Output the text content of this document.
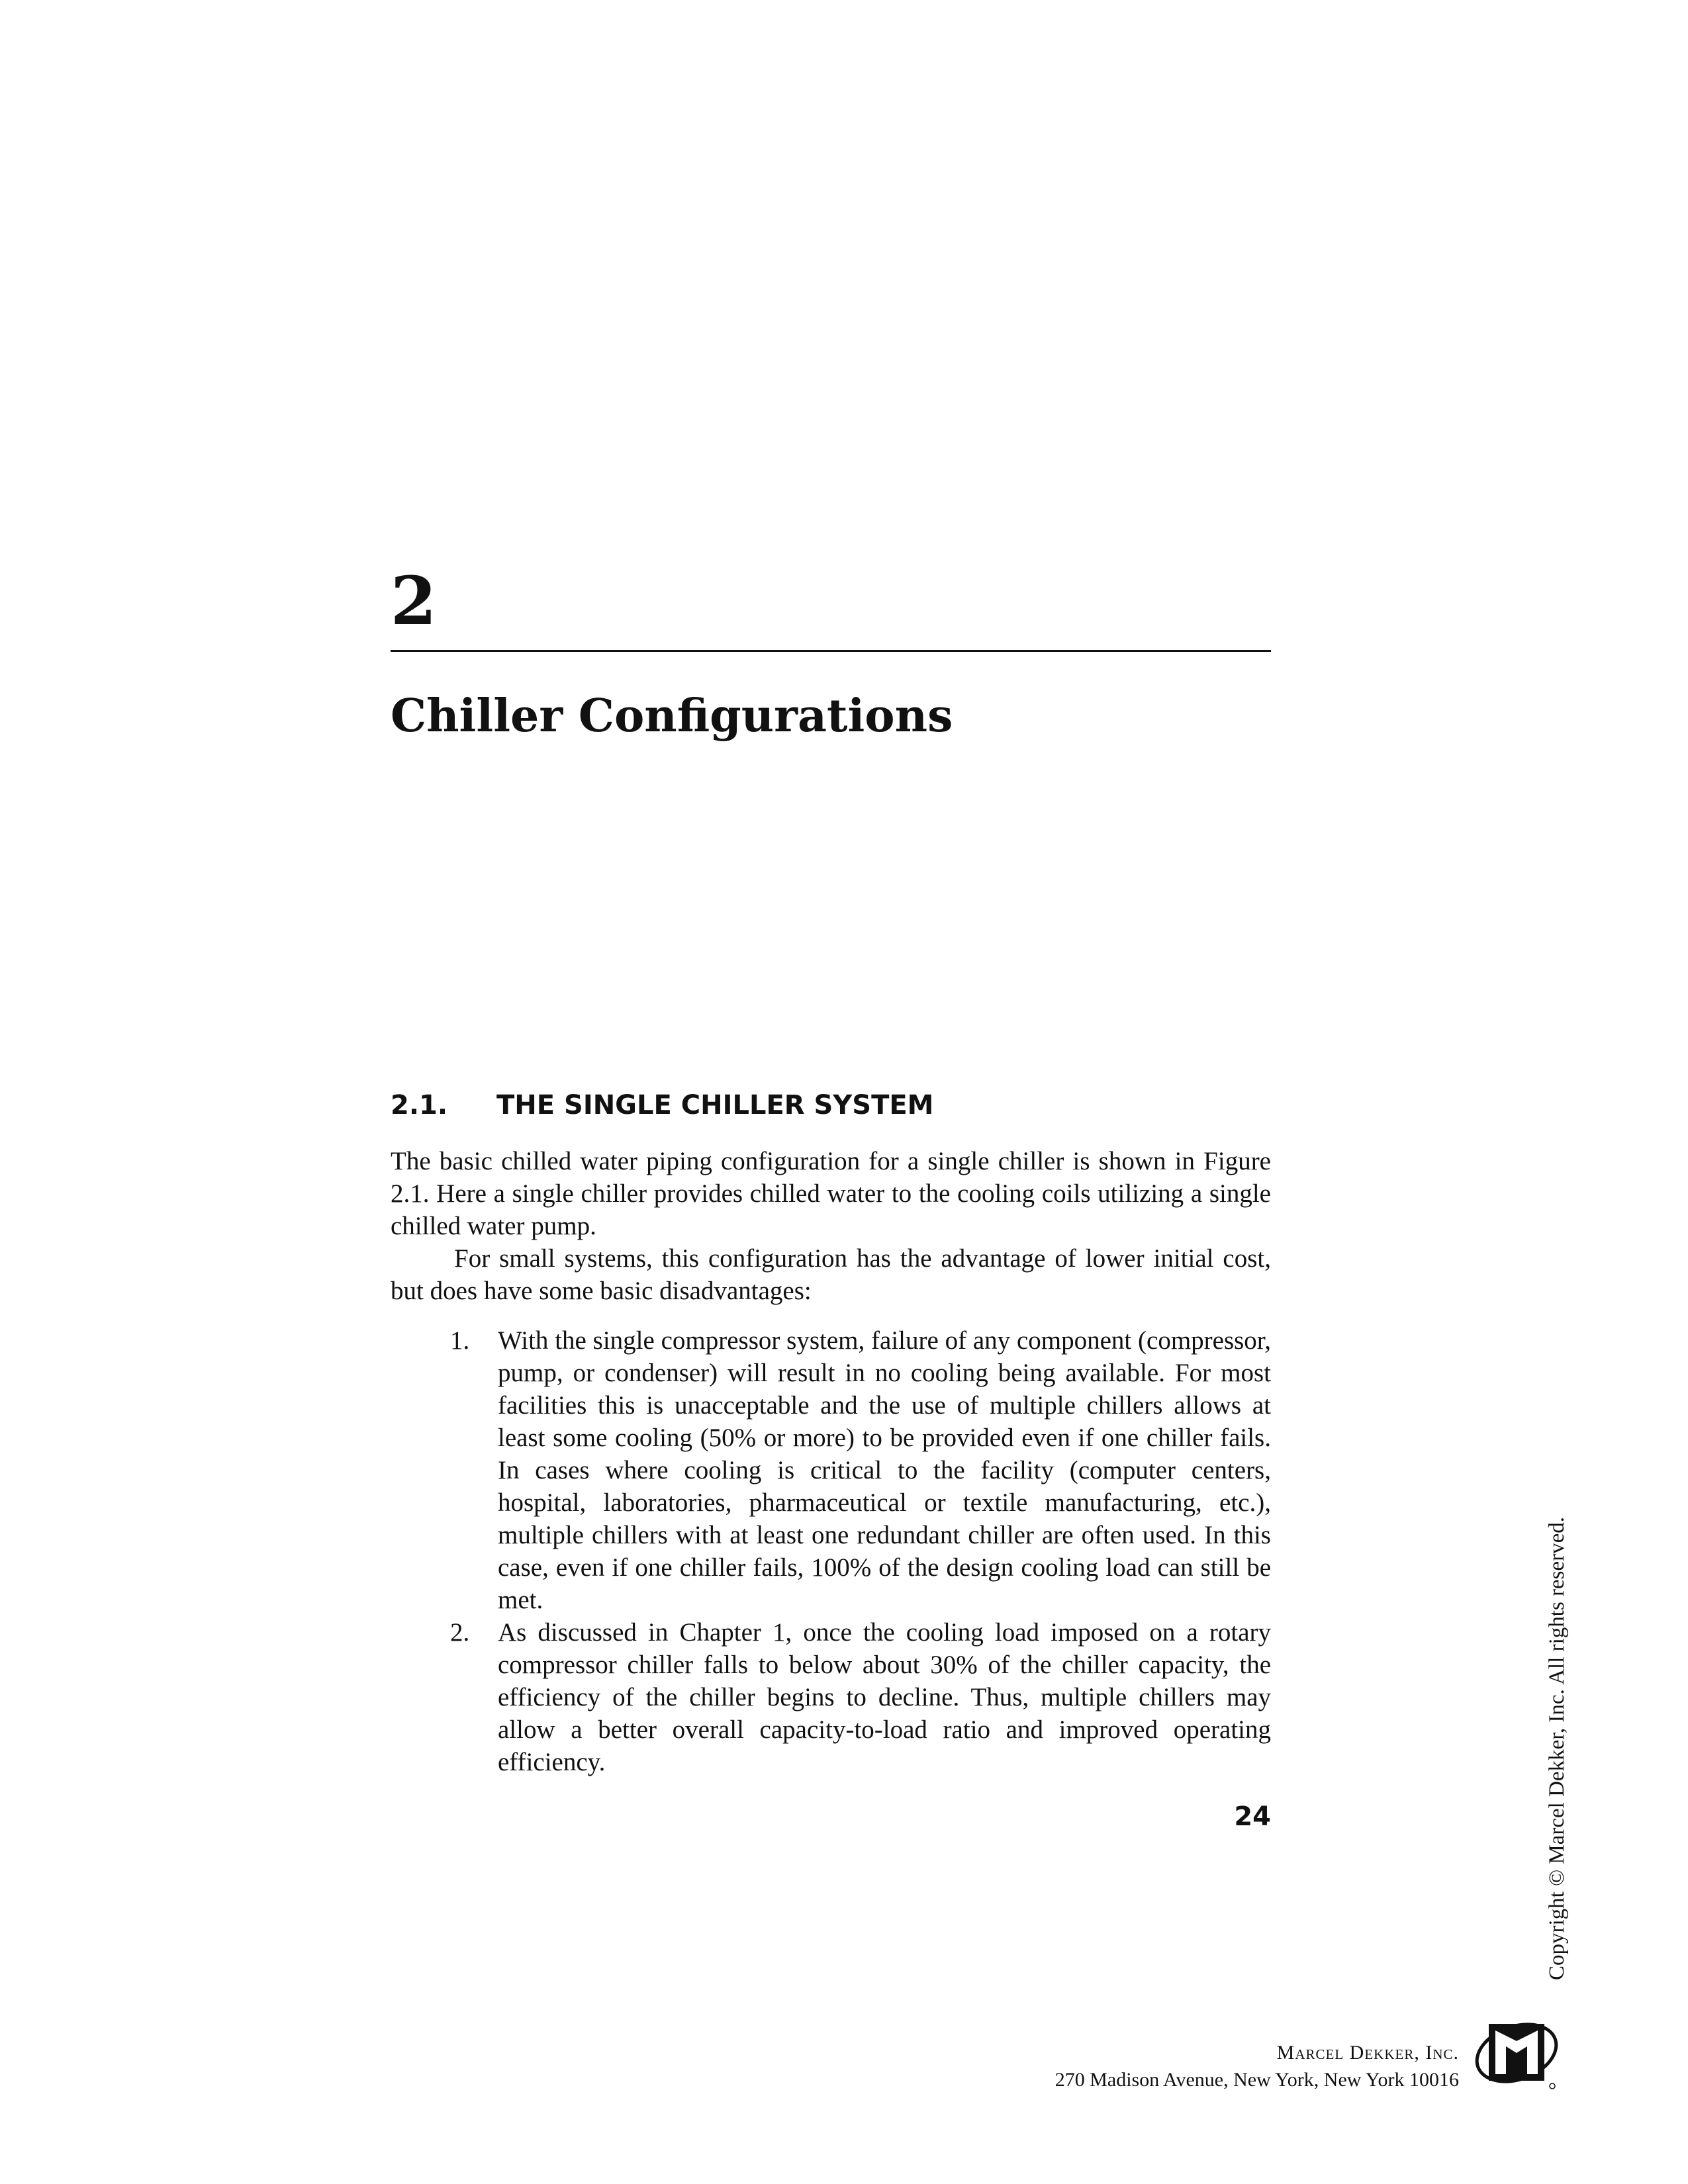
2
Chiller Configurations
2.1. THE SINGLE CHILLER SYSTEM

The basic chilled water piping configuration for a single chiller is shown in Figure 2.1. Here a single chiller provides chilled water to the cooling coils utilizing a single chilled water pump.

For small systems, this configuration has the advantage of lower initial cost, but does have some basic disadvantages:

1. With the single compressor system, failure of any component (compressor, pump, or condenser) will result in no cooling being available. For most facilities this is unacceptable and the use of multiple chillers allows at least some cooling (50% or more) to be provided even if one chiller fails. In cases where cooling is critical to the facility (computer centers, hospital, laboratories, pharmaceutical or textile manufacturing, etc.), multiple chillers with at least one redundant chiller are often used. In this case, even if one chiller fails, 100% of the design cooling load can still be met.
2. As discussed in Chapter 1, once the cooling load imposed on a rotary compressor chiller falls to below about 30% of the chiller capacity, the efficiency of the chiller begins to decline. Thus, multiple chillers may allow a better overall capacity-to-load ratio and improved operating efficiency.
24	Copyright © Marcel Dekker, Inc. All rights reserved.
Marcel Dekker, Inc.
270 Madison Avenue, New York, New York 10016
